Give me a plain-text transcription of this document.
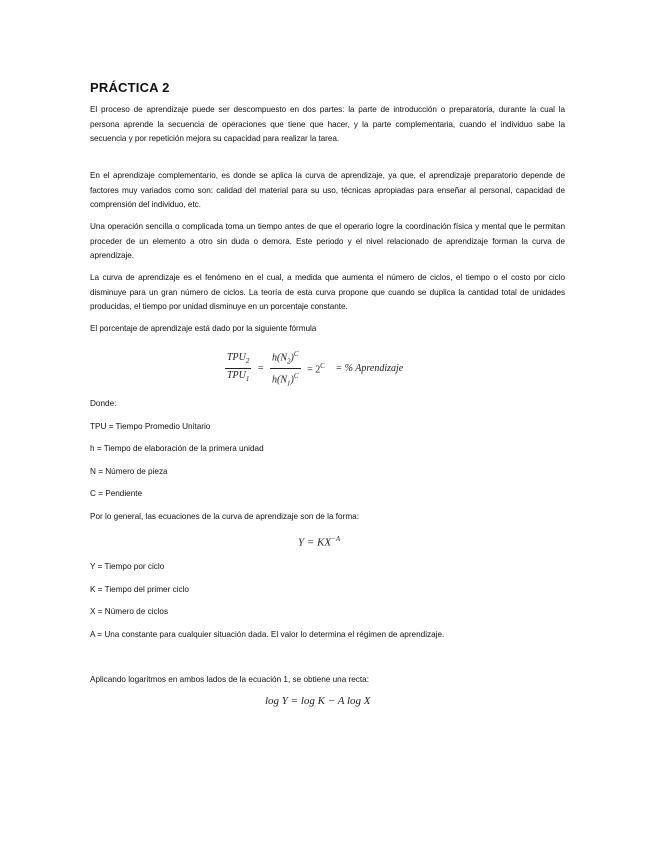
PRÁCTICA 2
El proceso de aprendizaje puede ser descompuesto en dos partes: la parte de introducción o preparatoria, durante la cual la persona aprende la secuencia de operaciones que tiene que hacer, y la parte complementaria, cuando el individuo sabe la secuencia y por repetición mejora su capacidad para realizar la tarea.
En el aprendizaje complementario, es donde se aplica la curva de aprendizaje, ya que, el aprendizaje preparatorio depende de factores muy variados como son: calidad del material para su uso, técnicas apropiadas para enseñar al personal, capacidad de comprensión del individuo, etc.
Una operación sencilla o complicada toma un tiempo antes de que el operario logre la coordinación física y mental que le permitan proceder de un elemento a otro sin duda o demora. Este periodo y el nivel relacionado de aprendizaje forman la curva de aprendizaje.
La curva de aprendizaje es el fenómeno en el cual, a medida que aumenta el número de ciclos, el tiempo o el costo por ciclo disminuye para un gran número de ciclos. La teoría de esta curva propone que cuando se duplica la cantidad total de unidades producidas, el tiempo por unidad disminuye en un porcentaje constante.
El porcentaje de aprendizaje está dado por la siguiente fórmula
$\frac{TPU_2}{TPU_1} = \frac{h(N_2)^C}{h(N_1)^C} = 2^C$ = % Aprendizaje
Donde:
TPU = Tiempo Promedio Unitario
h = Tiempo de elaboración de la primera unidad
N = Número de pieza
C = Pendiente
Por lo general, las ecuaciones de la curva de aprendizaje son de la forma:
$Y = KX^{-A}$
Y = Tiempo por ciclo
K = Tiempo del primer ciclo
X = Número de ciclos
A = Una constante para cualquier situación dada. El valor lo determina el régimen de aprendizaje.
Aplicando logaritmos en ambos lados de la ecuación 1, se obtiene una recta:
log Y = log K − A log X
